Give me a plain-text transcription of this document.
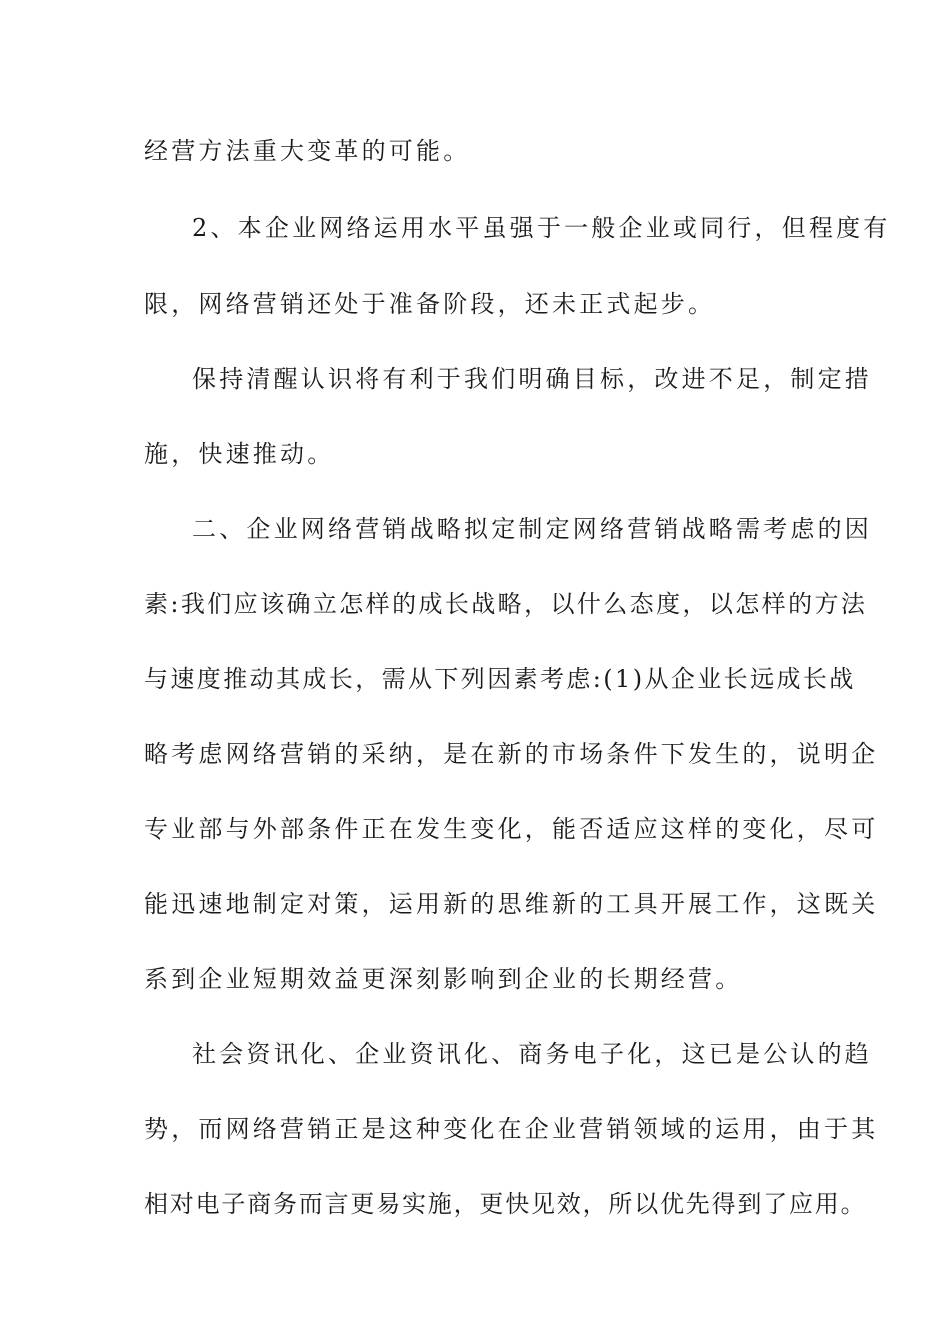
经营方法重大变革的可能。
2、本企业网络运用水平虽强于一般企业或同行，但程度有
限，网络营销还处于准备阶段，还未正式起步。
保持清醒认识将有利于我们明确目标，改进不足，制定措
施，快速推动。
二、企业网络营销战略拟定制定网络营销战略需考虑的因
素:我们应该确立怎样的成长战略，以什么态度，以怎样的方法
与速度推动其成长，需从下列因素考虑:(1)从企业长远成长战
略考虑网络营销的采纳，是在新的市场条件下发生的，说明企
专业部与外部条件正在发生变化，能否适应这样的变化，尽可
能迅速地制定对策，运用新的思维新的工具开展工作，这既关
系到企业短期效益更深刻影响到企业的长期经营。
社会资讯化、企业资讯化、商务电子化，这已是公认的趋
势，而网络营销正是这种变化在企业营销领域的运用，由于其
相对电子商务而言更易实施，更快见效，所以优先得到了应用。
